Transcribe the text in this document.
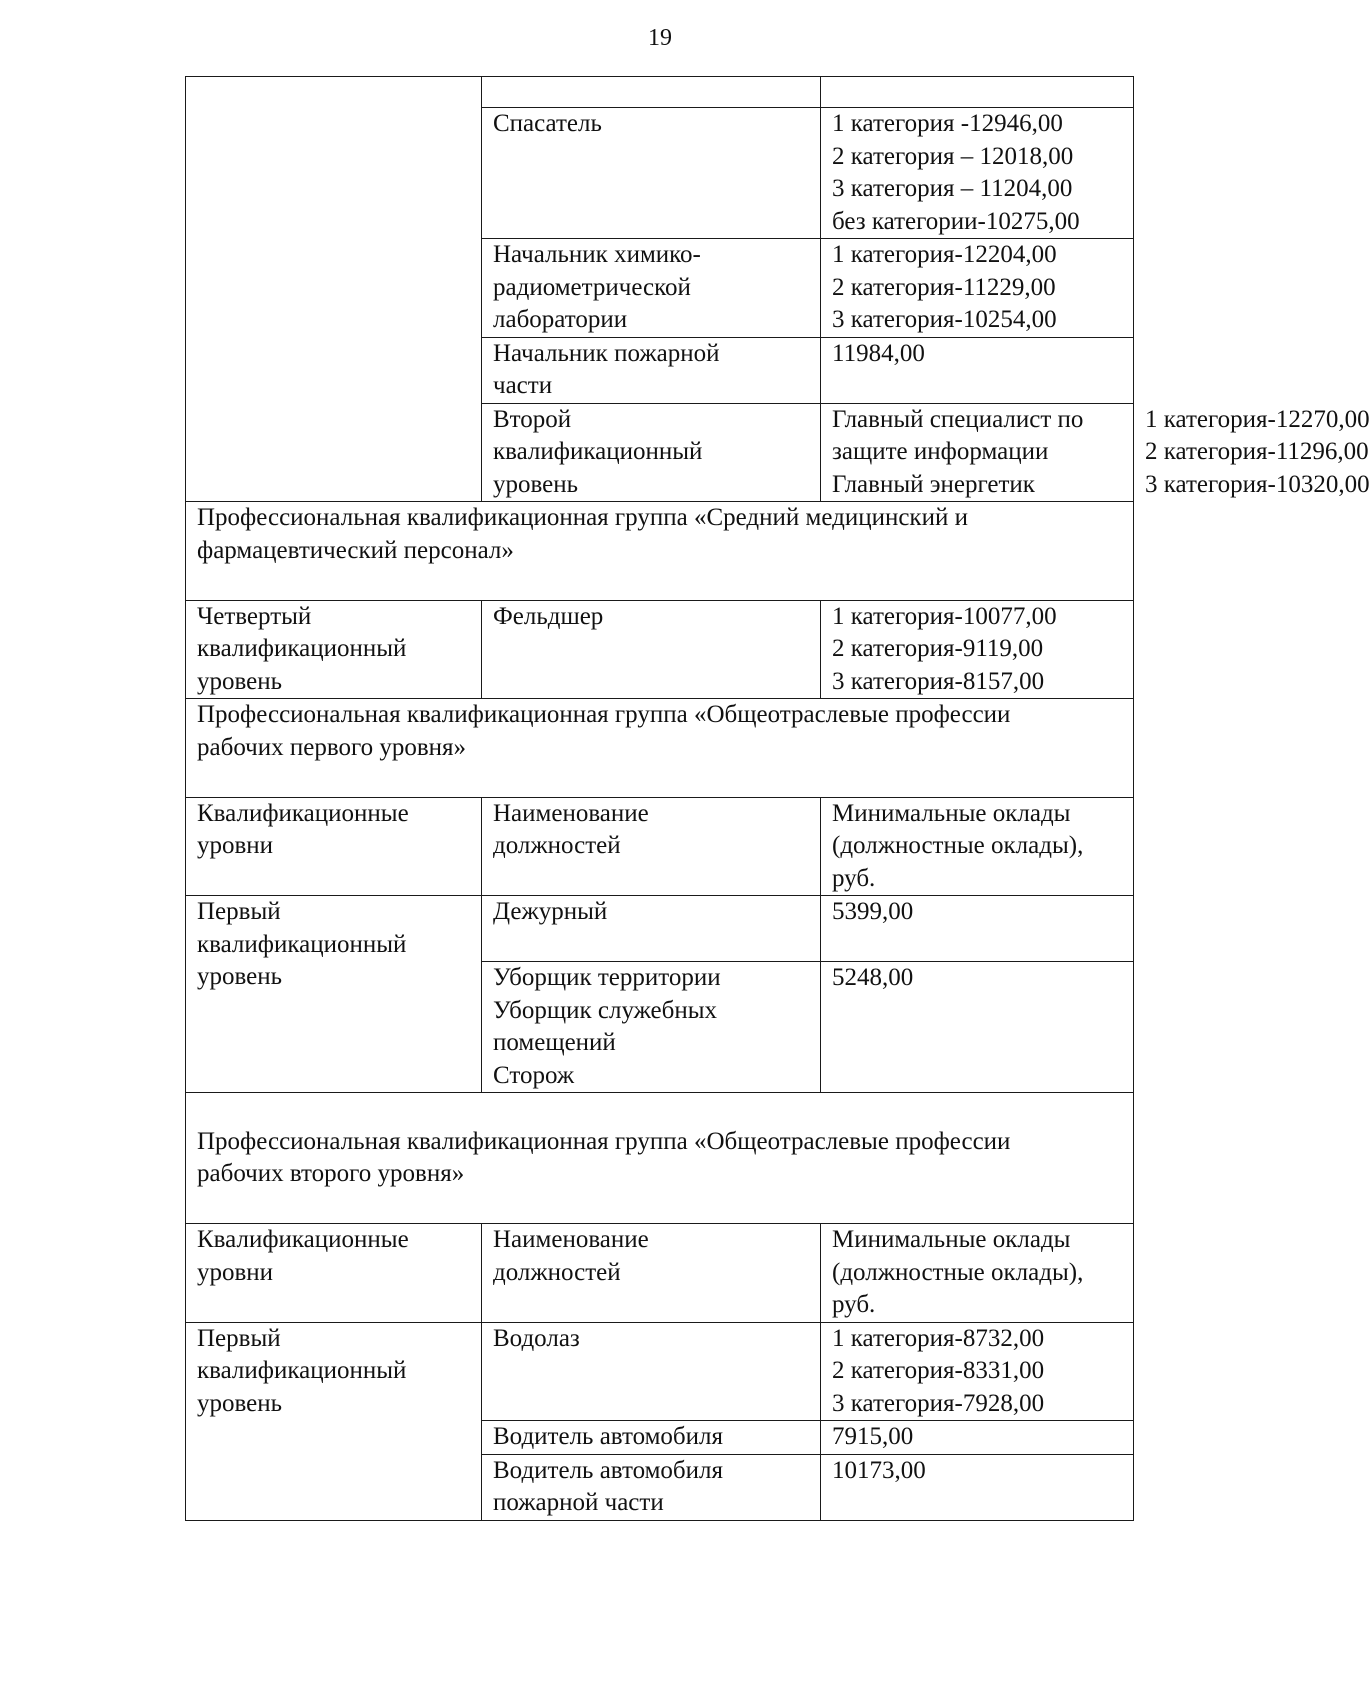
19

	Спасатель	1 категория -12946,00
2 категория – 12018,00
3 категория – 11204,00
без категории-10275,00	

	Начальник химико-
радиометрической
лаборатории	1 категория-12204,00
2 категория-11229,00
3 категория-10254,00	

	Начальник пожарной
части	11984,00	

	Второй
квалификационный
уровень	Главный специалист по
защите информации
Главный энергетик	1 категория-12270,00
2 категория-11296,00
3 категория-10320,00

Профессиональная квалификационная группа «Средний медицинский и
фармацевтический персонал»			

Четвертый
квалификационный
уровень	Фельдшер	1 категория-10077,00
2 категория-9119,00
3 категория-8157,00	

Профессиональная квалификационная группа «Общеотраслевые профессии
рабочих первого уровня»			

Квалификационные
уровни	Наименование
должностей	Минимальные оклады
(должностные оклады),
руб.	

Первый
квалификационный
уровень	Дежурный	5399,00	

	Уборщик территории
Уборщик служебных
помещений
Сторож	5248,00	

Профессиональная квалификационная группа «Общеотраслевые профессии
рабочих второго уровня»			

Квалификационные
уровни	Наименование
должностей	Минимальные оклады
(должностные оклады),
руб.	

Первый
квалификационный
уровень	Водолаз	1 категория-8732,00
2 категория-8331,00
3 категория-7928,00	

	Водитель автомобиля	7915,00	

	Водитель автомобиля
пожарной части	10173,00	
